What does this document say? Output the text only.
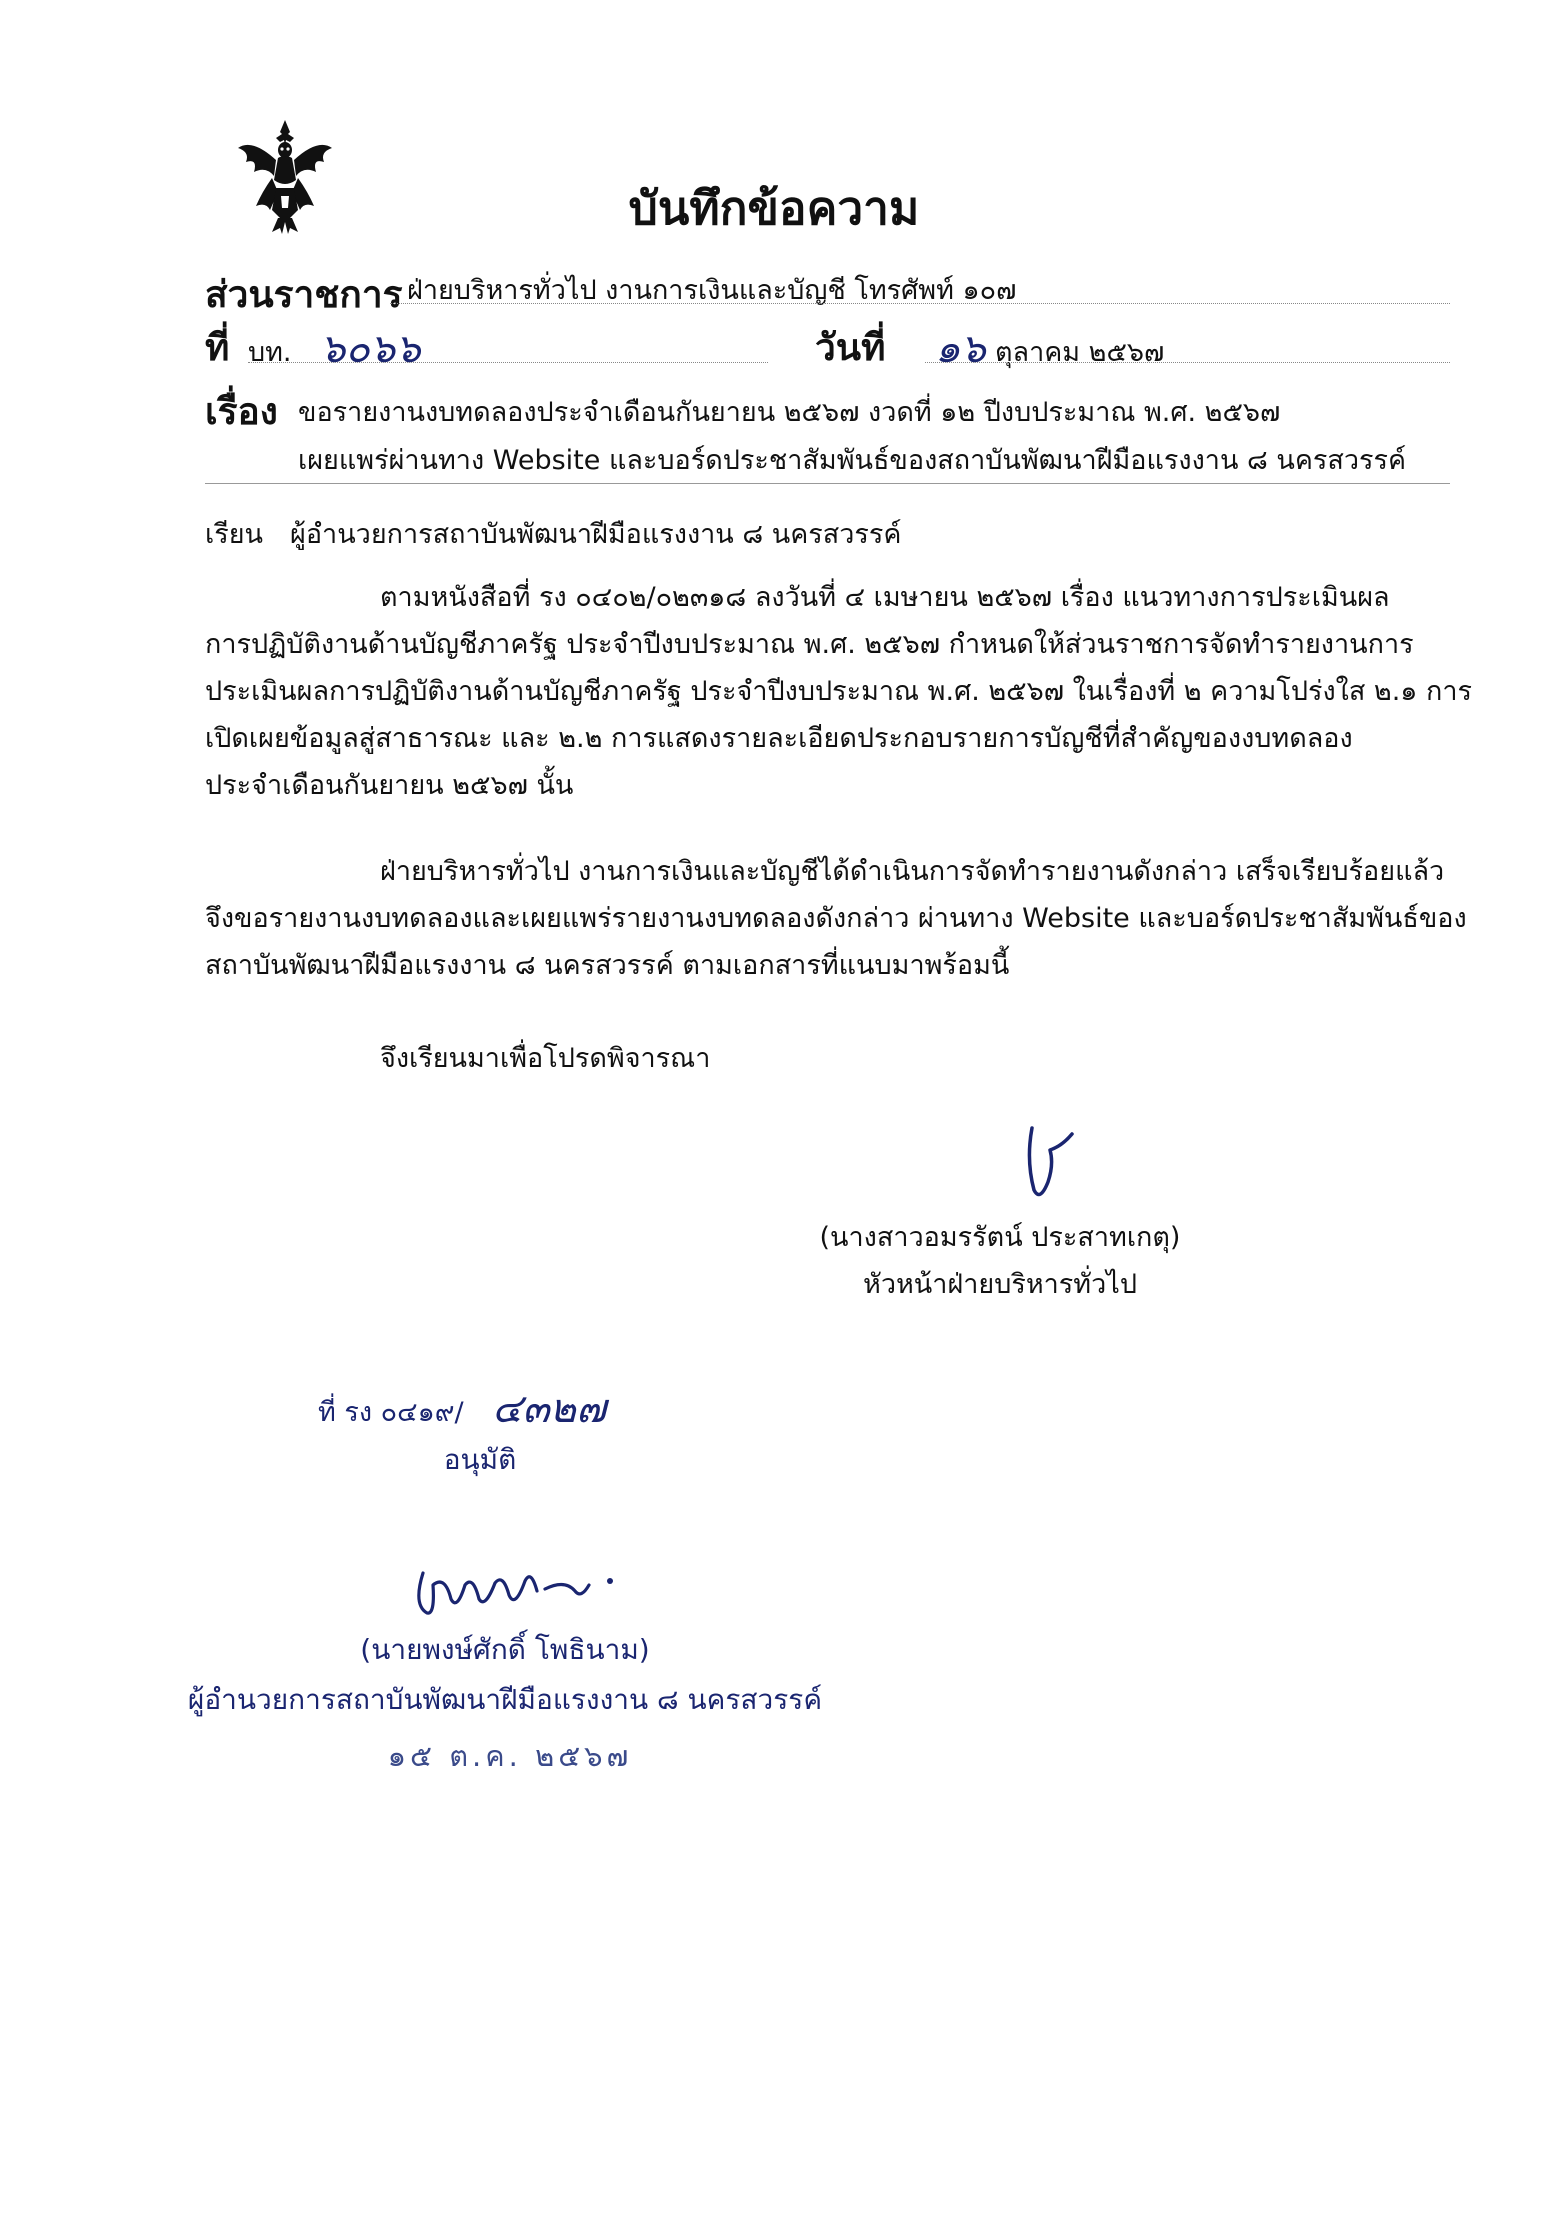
บันทึกข้อความ
ส่วนราชการ ฝ่ายบริหารทั่วไป งานการเงินและบัญชี โทรศัพท์ ๑๐๗
ที่ บท. ๖๐๖๖	วันที่ ๑๖ ตุลาคม ๒๕๖๗
เรื่อง ขอรายงานงบทดลองประจำเดือนกันยายน ๒๕๖๗ งวดที่ ๑๒ ปีงบประมาณ พ.ศ. ๒๕๖๗
เผยแพร่ผ่านทาง Website และบอร์ดประชาสัมพันธ์ของสถาบันพัฒนาฝีมือแรงงาน ๘ นครสวรรค์
เรียน ผู้อำนวยการสถาบันพัฒนาฝีมือแรงงาน ๘ นครสวรรค์
ตามหนังสือที่ รง ๐๔๐๒/๐๒๓๑๘ ลงวันที่ ๔ เมษายน ๒๕๖๗ เรื่อง แนวทางการประเมินผล
การปฏิบัติงานด้านบัญชีภาครัฐ ประจำปีงบประมาณ พ.ศ. ๒๕๖๗ กำหนดให้ส่วนราชการจัดทำรายงานการ
ประเมินผลการปฏิบัติงานด้านบัญชีภาครัฐ ประจำปีงบประมาณ พ.ศ. ๒๕๖๗ ในเรื่องที่ ๒ ความโปร่งใส ๒.๑ การ
เปิดเผยข้อมูลสู่สาธารณะ และ ๒.๒ การแสดงรายละเอียดประกอบรายการบัญชีที่สำคัญของงบทดลอง
ประจำเดือนกันยายน ๒๕๖๗ นั้น
ฝ่ายบริหารทั่วไป งานการเงินและบัญชีได้ดำเนินการจัดทำรายงานดังกล่าว เสร็จเรียบร้อยแล้ว
จึงขอรายงานงบทดลองและเผยแพร่รายงานงบทดลองดังกล่าว ผ่านทาง Website และบอร์ดประชาสัมพันธ์ของ
สถาบันพัฒนาฝีมือแรงงาน ๘ นครสวรรค์ ตามเอกสารที่แนบมาพร้อมนี้
จึงเรียนมาเพื่อโปรดพิจารณา
(นางสาวอมรรัตน์ ประสาทเกตุ)
หัวหน้าฝ่ายบริหารทั่วไป
ที่ รง ๐๔๑๙/ ๔๓๒๗
อนุมัติ
(นายพงษ์ศักดิ์ โพธินาม)
ผู้อำนวยการสถาบันพัฒนาฝีมือแรงงาน ๘ นครสวรรค์
๑๕ ต.ค. ๒๕๖๗
